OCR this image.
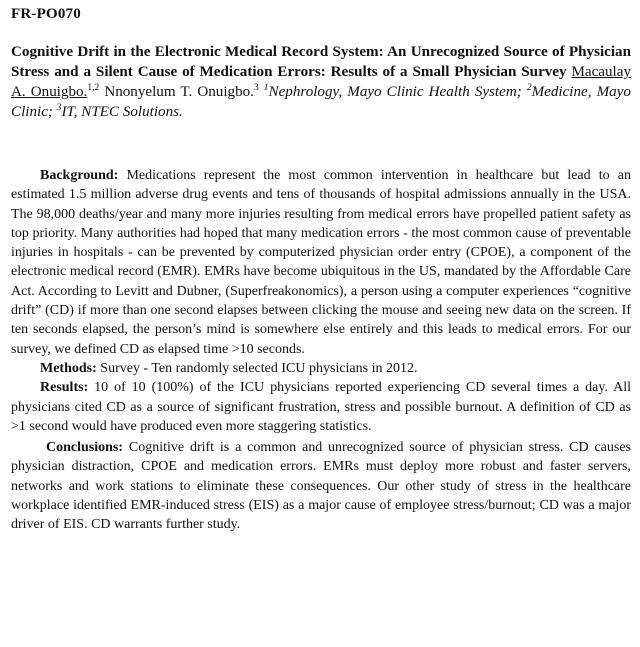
FR-PO070
Cognitive Drift in the Electronic Medical Record System: An Unrecognized Source of Physician Stress and a Silent Cause of Medication Errors: Results of a Small Physician Survey Macaulay A. Onuigbo.$^{1,2}$ Nnonyelum T. Onuigbo.$^3$ $^1$Nephrology, Mayo Clinic Health System; $^2$Medicine, Mayo Clinic; $^3$IT, NTEC Solutions.

Background: Medications represent the most common intervention in healthcare but lead to an estimated 1.5 million adverse drug events and tens of thousands of hospital admissions annually in the USA. The 98,000 deaths/year and many more injuries resulting from medical errors have propelled patient safety as top priority. Many authorities had hoped that many medication errors - the most common cause of preventable injuries in hospitals - can be prevented by computerized physician order entry (CPOE), a component of the electronic medical record (EMR). EMRs have become ubiquitous in the US, mandated by the Affordable Care Act. According to Levitt and Dubner, (Superfreakonomics), a person using a computer experiences “cognitive drift” (CD) if more than one second elapses between clicking the mouse and seeing new data on the screen. If ten seconds elapsed, the person’s mind is somewhere else entirely and this leads to medical errors. For our survey, we defined CD as elapsed time >10 seconds.

Methods: Survey - Ten randomly selected ICU physicians in 2012.

Results: 10 of 10 (100%) of the ICU physicians reported experiencing CD several times a day. All physicians cited CD as a source of significant frustration, stress and possible burnout. A definition of CD as >1 second would have produced even more staggering statistics.

Conclusions: Cognitive drift is a common and unrecognized source of physician stress. CD causes physician distraction, CPOE and medication errors. EMRs must deploy more robust and faster servers, networks and work stations to eliminate these consequences. Our other study of stress in the healthcare workplace identified EMR-induced stress (EIS) as a major cause of employee stress/burnout; CD was a major driver of EIS. CD warrants further study.
